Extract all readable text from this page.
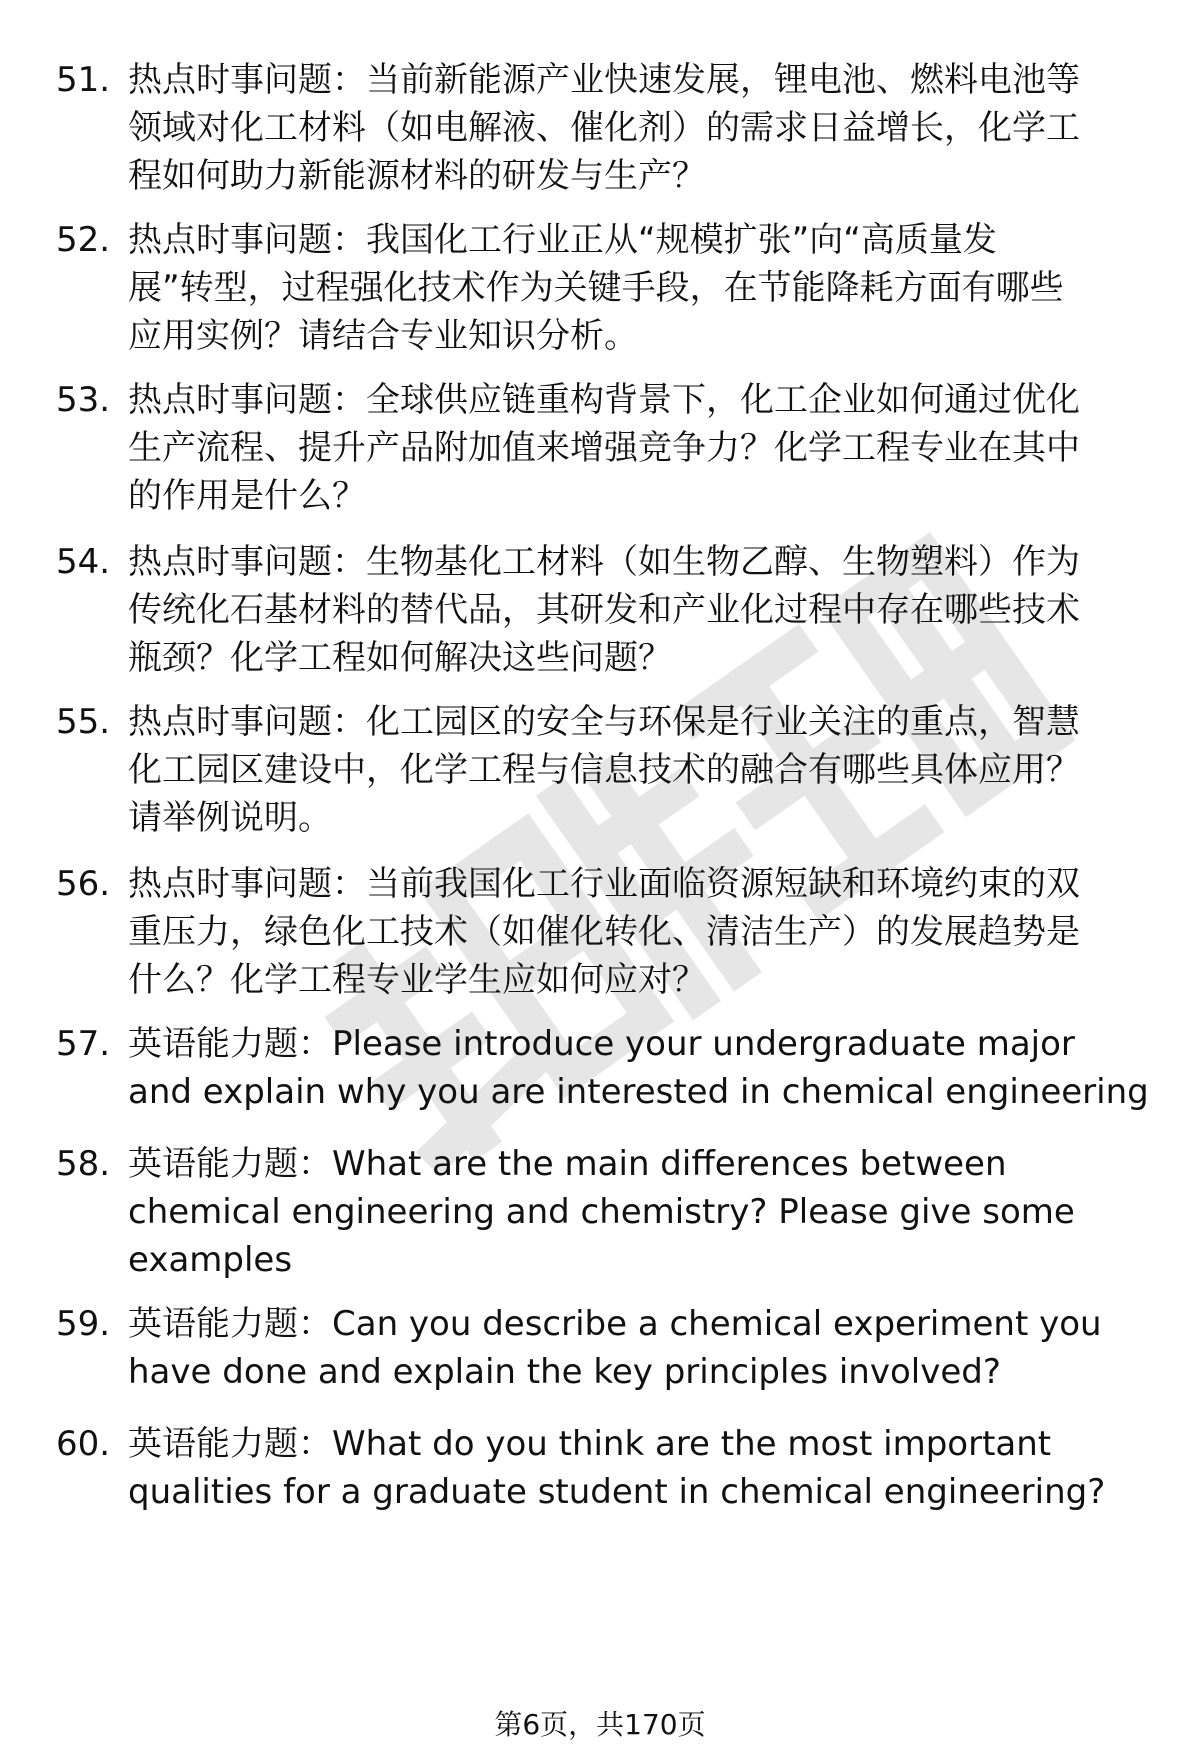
51. 热点时事问题：当前新能源产业快速发展，锂电池、燃料电池等
领域对化工材料（如电解液、催化剂）的需求日益增长，化学工
程如何助力新能源材料的研发与生产？
52. 热点时事问题：我国化工行业正从“规模扩张”向“高质量发
展”转型，过程强化技术作为关键手段，在节能降耗方面有哪些
应用实例？请结合专业知识分析。
53. 热点时事问题：全球供应链重构背景下，化工企业如何通过优化
生产流程、提升产品附加值来增强竞争力？化学工程专业在其中
的作用是什么？
54. 热点时事问题：生物基化工材料（如生物乙醇、生物塑料）作为
传统化石基材料的替代品，其研发和产业化过程中存在哪些技术
瓶颈？化学工程如何解决这些问题？
55. 热点时事问题：化工园区的安全与环保是行业关注的重点，智慧
化工园区建设中，化学工程与信息技术的融合有哪些具体应用？
请举例说明。
56. 热点时事问题：当前我国化工行业面临资源短缺和环境约束的双
重压力，绿色化工技术（如催化转化、清洁生产）的发展趋势是
什么？化学工程专业学生应如何应对？
57. 英语能力题：Please introduce your undergraduate major
and explain why you are interested in chemical engineering
58. 英语能力题：What are the main differences between
chemical engineering and chemistry? Please give some
examples
59. 英语能力题：Can you describe a chemical experiment you
have done and explain the key principles involved?
60. 英语能力题：What do you think are the most important
qualities for a graduate student in chemical engineering?
第6页，共170页
